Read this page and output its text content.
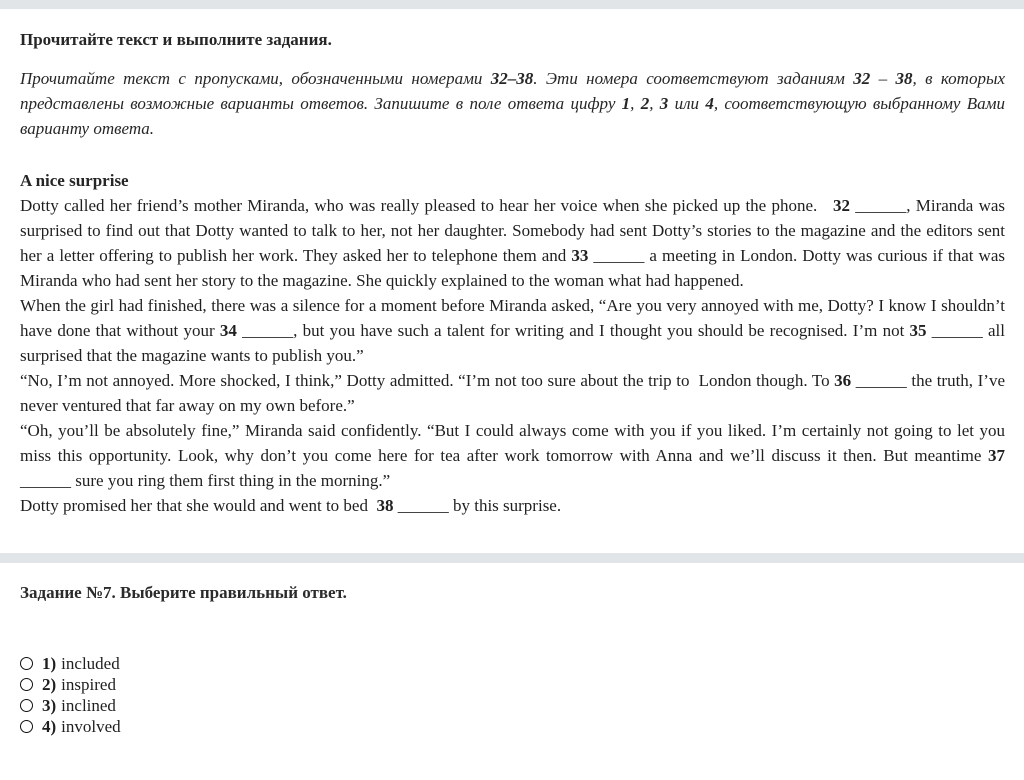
Прочитайте текст и выполните задания.

Прочитайте текст с пропусками, обозначенными номерами 32–38. Эти номера соответствуют заданиям 32 – 38, в которых представлены возможные варианты ответов. Запишите в поле ответа цифру 1, 2, 3 или 4, соответствующую выбранному Вами варианту ответа.

A nice surprise

Dotty called her friend’s mother Miranda, who was really pleased to hear her voice when she picked up the phone.   32 ______, Miranda was surprised to find out that Dotty wanted to talk to her, not her daughter. Somebody had sent Dotty’s stories to the magazine and the editors sent her a letter offering to publish her work. They asked her to telephone them and 33 ______ a meeting in London. Dotty was curious if that was Miranda who had sent her story to the magazine. She quickly explained to the woman what had happened.

When the girl had finished, there was a silence for a moment before Miranda asked, “Are you very annoyed with me, Dotty? I know I shouldn’t have done that without your 34 ______, but you have such a talent for writing and I thought you should be recognised. I’m not 35 ______ all surprised that the magazine wants to publish you.”

“No, I’m not annoyed. More shocked, I think,” Dotty admitted. “I’m not too sure about the trip to  London though. To 36 ______ the truth, I’ve never ventured that far away on my own before.”

“Oh, you’ll be absolutely fine,” Miranda said confidently. “But I could always come with you if you liked. I’m certainly not going to let you miss this opportunity. Look, why don’t you come here for tea after work tomorrow with Anna and we’ll discuss it then. But meantime 37 ______ sure you ring them first thing in the morning.”

Dotty promised her that she would and went to bed  38 ______ by this surprise.

Задание №7. Выберите правильный ответ.
1) included
2) inspired
3) inclined
4) involved
